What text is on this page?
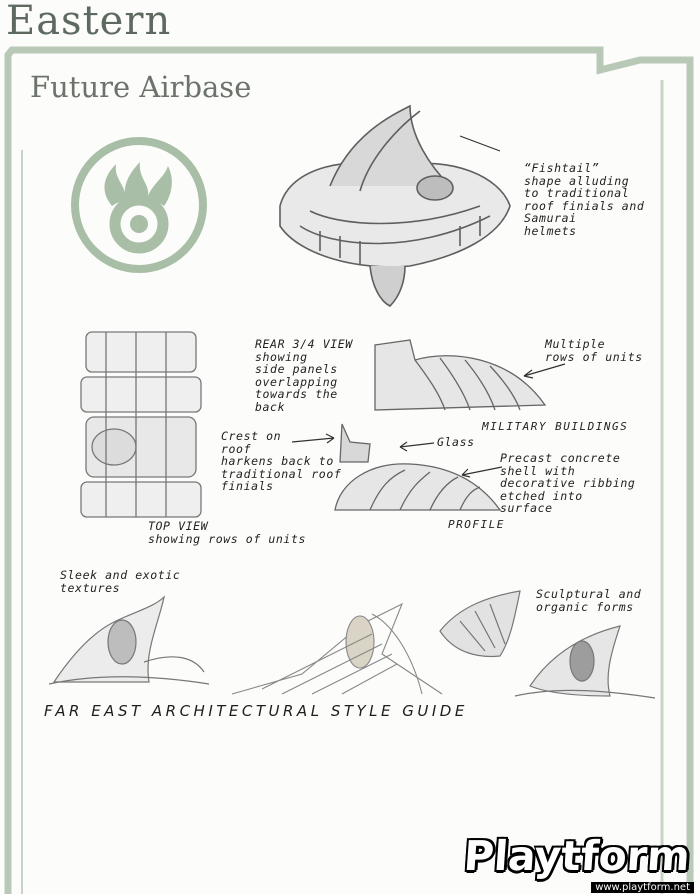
Eastern
Future Airbase
“Fishtail”
shape alluding
to traditional
roof finials and
Samurai
helmets
TOP VIEW
showing rows of units
REAR 3/4 VIEW
showing
side panels
overlapping
towards the
back
Multiple
rows of units
MILITARY BUILDINGS
Crest on
roof
harkens back to
traditional roof
finials
Glass
Precast concrete
shell with
decorative ribbing
etched into
surface
PROFILE
Sleek and exotic
textures	Sculptural and
organic forms
FAR EAST ARCHITECTURAL STYLE GUIDE
Playtform
www.playtform.net
